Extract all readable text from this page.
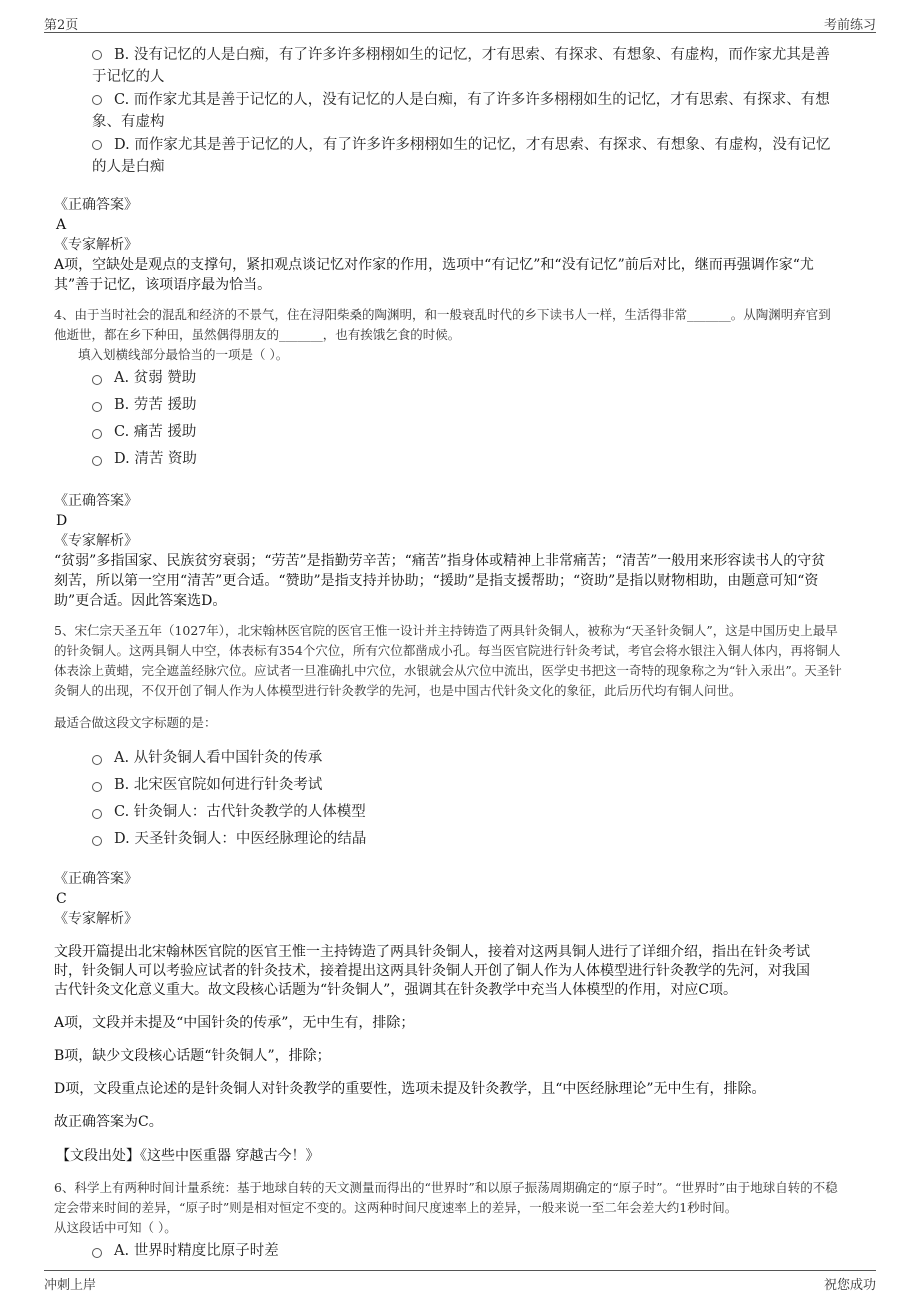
第2页	考前练习
B. 没有记忆的人是白痴，有了许多许多栩栩如生的记忆，才有思索、有探求、有想象、有虚构，而作家尤其是善
于记忆的人
C. 而作家尤其是善于记忆的人，没有记忆的人是白痴，有了许多许多栩栩如生的记忆，才有思索、有探求、有想
象、有虚构
D. 而作家尤其是善于记忆的人，有了许多许多栩栩如生的记忆，才有思索、有探求、有想象、有虚构，没有记忆
的人是白痴
《正确答案》
A
《专家解析》
A项，空缺处是观点的支撑句，紧扣观点谈记忆对作家的作用，选项中“有记忆”和“没有记忆”前后对比，继而再强调作家“尤
其”善于记忆，该项语序最为恰当。
4、由于当时社会的混乱和经济的不景气，住在浔阳柴桑的陶渊明，和一般衰乱时代的乡下读书人一样，生活得非常_______。从陶渊明弃官到
他逝世，都在乡下种田，虽然偶得朋友的_______，也有挨饿乞食的时候。
填入划横线部分最恰当的一项是（ ）。
A. 贫弱 赞助
B. 劳苦 援助
C. 痛苦 援助
D. 清苦 资助
《正确答案》
D
《专家解析》
“贫弱”多指国家、民族贫穷衰弱；“劳苦”是指勤劳辛苦；“痛苦”指身体或精神上非常痛苦；“清苦”一般用来形容读书人的守贫
刻苦，所以第一空用“清苦”更合适。“赞助”是指支持并协助；“援助”是指支援帮助；“资助”是指以财物相助，由题意可知“资
助”更合适。因此答案选D。
5、宋仁宗天圣五年（1027年），北宋翰林医官院的医官王惟一设计并主持铸造了两具针灸铜人，被称为“天圣针灸铜人”，这是中国历史上最早
的针灸铜人。这两具铜人中空，体表标有354个穴位，所有穴位都凿成小孔。每当医官院进行针灸考试，考官会将水银注入铜人体内，再将铜人
体表涂上黄蜡，完全遮盖经脉穴位。应试者一旦准确扎中穴位，水银就会从穴位中流出，医学史书把这一奇特的现象称之为“针入汞出”。天圣针
灸铜人的出现，不仅开创了铜人作为人体模型进行针灸教学的先河，也是中国古代针灸文化的象征，此后历代均有铜人问世。
最适合做这段文字标题的是：
A. 从针灸铜人看中国针灸的传承
B. 北宋医官院如何进行针灸考试
C. 针灸铜人：古代针灸教学的人体模型
D. 天圣针灸铜人：中医经脉理论的结晶
《正确答案》
C
《专家解析》
文段开篇提出北宋翰林医官院的医官王惟一主持铸造了两具针灸铜人，接着对这两具铜人进行了详细介绍，指出在针灸考试
时，针灸铜人可以考验应试者的针灸技术，接着提出这两具针灸铜人开创了铜人作为人体模型进行针灸教学的先河，对我国
古代针灸文化意义重大。故文段核心话题为“针灸铜人”，强调其在针灸教学中充当人体模型的作用，对应C项。
A项，文段并未提及“中国针灸的传承”，无中生有，排除；
B项，缺少文段核心话题“针灸铜人”，排除；
D项，文段重点论述的是针灸铜人对针灸教学的重要性，选项未提及针灸教学，且“中医经脉理论”无中生有，排除。
故正确答案为C。
【文段出处】《这些中医重器 穿越古今！》
6、科学上有两种时间计量系统：基于地球自转的天文测量而得出的“世界时”和以原子振荡周期确定的“原子时”。“世界时”由于地球自转的不稳
定会带来时间的差异，“原子时”则是相对恒定不变的。这两种时间尺度速率上的差异，一般来说一至二年会差大约1秒时间。
从这段话中可知（ ）。
A. 世界时精度比原子时差
冲刺上岸	祝您成功
